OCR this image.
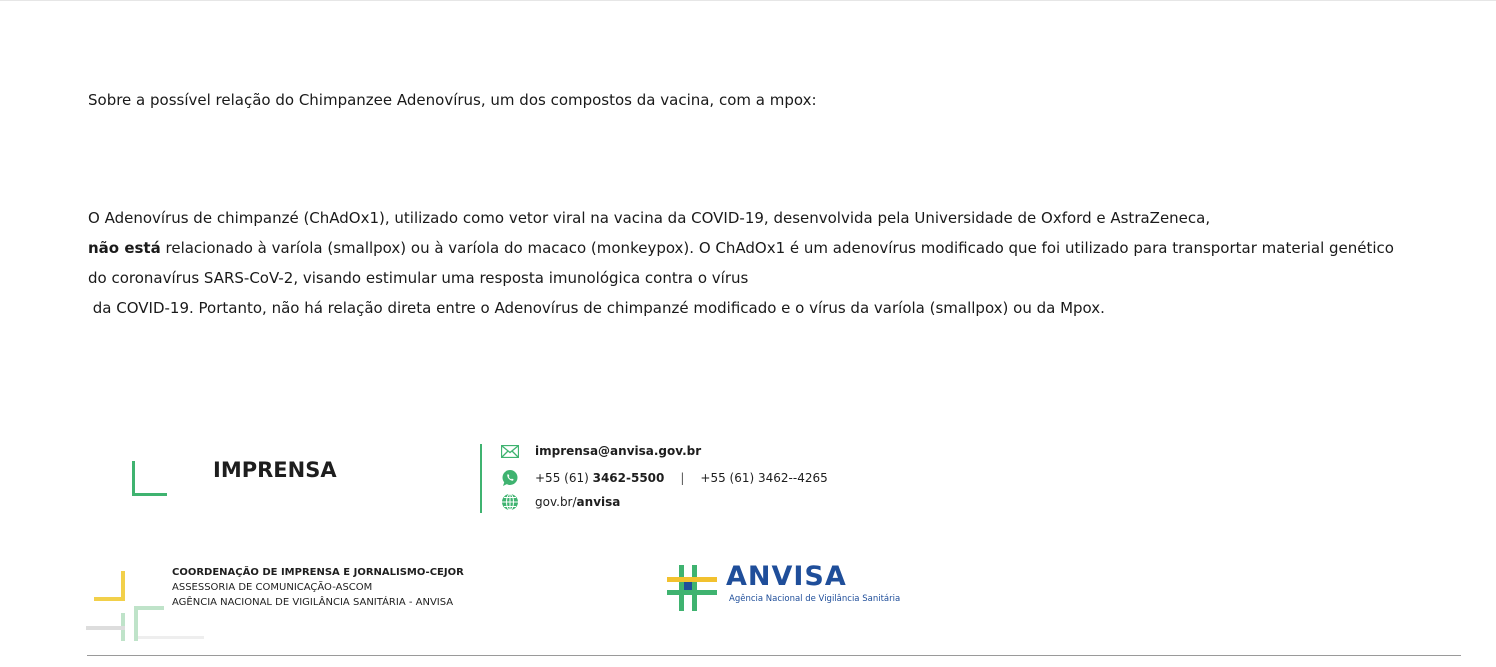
Sobre a possível relação do Chimpanzee Adenovírus, um dos compostos da vacina, com a mpox:

O Adenovírus de chimpanzé (ChAdOx1), utilizado como vetor viral na vacina da COVID-19, desenvolvida pela Universidade de Oxford e AstraZeneca,
não está relacionado à varíola (smallpox) ou à varíola do macaco (monkeypox). O ChAdOx1 é um adenovírus modificado que foi utilizado para transportar material genético
do coronavírus SARS-CoV-2, visando estimular uma resposta imunológica contra o vírus
da COVID-19. Portanto, não há relação direta entre o Adenovírus de chimpanzé modificado e o vírus da varíola (smallpox) ou da Mpox.

IMPRENSA
imprensa@anvisa.gov.br
+55 (61) 3462-5500 | +55 (61) 3462--4265
gov.br/anvisa
COORDENAÇÃO DE IMPRENSA E JORNALISMO-CEJOR
ASSESSORIA DE COMUNICAÇÃO-ASCOM
AGÊNCIA NACIONAL DE VIGILÂNCIA SANITÁRIA - ANVISA
ANVISA
Agência Nacional de Vigilância Sanitária
